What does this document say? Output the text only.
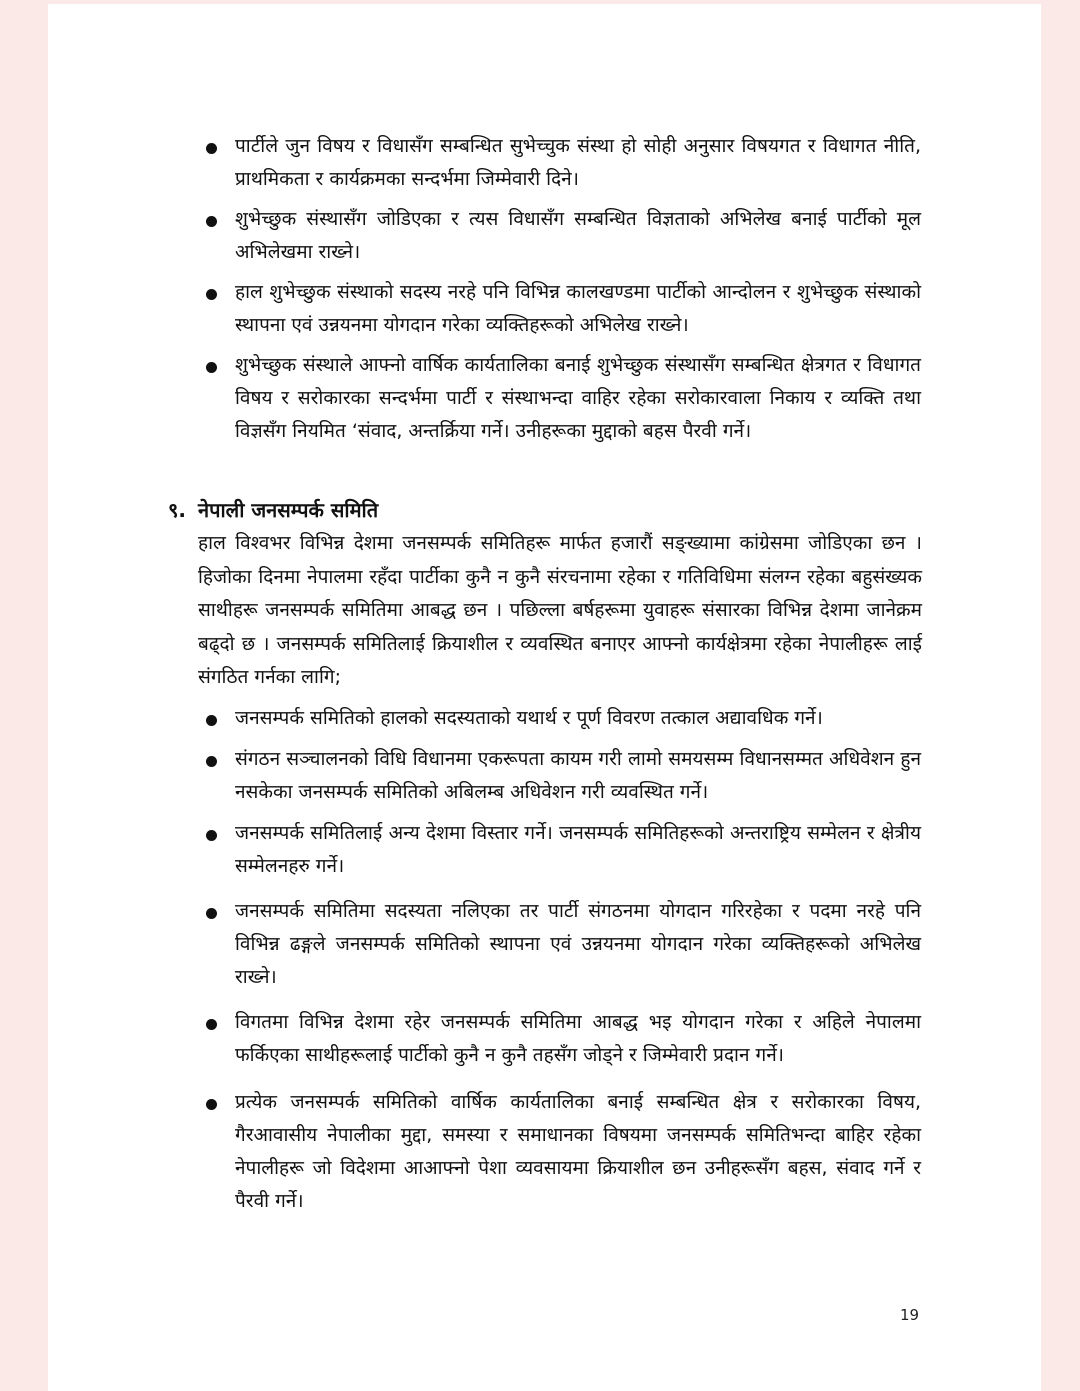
पार्टीले जुन विषय र विधासँग सम्बन्धित सुभेच्चुक संस्था हो सोही अनुसार विषयगत र विधागत नीति, प्राथमिकता र कार्यक्रमका सन्दर्भमा जिम्मेवारी दिने।
शुभेच्छुक संस्थासँग जोडिएका र त्यस विधासँग सम्बन्धित विज्ञताको अभिलेख बनाई पार्टीको मूल अभिलेखमा राख्ने।
हाल शुभेच्छुक संस्थाको सदस्य नरहे पनि विभिन्न कालखण्डमा पार्टीको आन्दोलन र शुभेच्छुक संस्थाको स्थापना एवं उन्नयनमा योगदान गरेका व्यक्तिहरूको अभिलेख राख्ने।
शुभेच्छुक संस्थाले आफ्नो वार्षिक कार्यतालिका बनाई शुभेच्छुक संस्थासँग सम्बन्धित क्षेत्रगत र विधागत विषय र सरोकारका सन्दर्भमा पार्टी र संस्थाभन्दा वाहिर रहेका सरोकारवाला निकाय र व्यक्ति तथा विज्ञसँग नियमित ‘संवाद, अन्तर्क्रिया गर्ने। उनीहरूका मुद्दाको बहस पैरवी गर्ने।
९. नेपाली जनसम्पर्क समिति
हाल विश्वभर विभिन्न देशमा जनसम्पर्क समितिहरू मार्फत हजारौं सङ्ख्यामा कांग्रेसमा जोडिएका छन । हिजोका दिनमा नेपालमा रहँदा पार्टीका कुनै न कुनै संरचनामा रहेका र गतिविधिमा संलग्न रहेका बहुसंख्यक साथीहरू जनसम्पर्क समितिमा आबद्ध छन । पछिल्ला बर्षहरूमा युवाहरू संसारका विभिन्न देशमा जानेक्रम बढ्दो छ । जनसम्पर्क समितिलाई क्रियाशील र व्यवस्थित बनाएर आफ्नो कार्यक्षेत्रमा रहेका नेपालीहरू लाई संगठित गर्नका लागि;
जनसम्पर्क समितिको हालको सदस्यताको यथार्थ र पूर्ण विवरण तत्काल अद्यावधिक गर्ने।
संगठन सञ्चालनको विधि विधानमा एकरूपता कायम गरी लामो समयसम्म विधानसम्मत अधिवेशन हुन नसकेका जनसम्पर्क समितिको अबिलम्ब अधिवेशन गरी व्यवस्थित गर्ने।
जनसम्पर्क समितिलाई अन्य देशमा विस्तार गर्ने। जनसम्पर्क समितिहरूको अन्तराष्ट्रिय सम्मेलन र क्षेत्रीय सम्मेलनहरु गर्ने।
जनसम्पर्क समितिमा सदस्यता नलिएका तर पार्टी संगठनमा योगदान गरिरहेका र पदमा नरहे पनि विभिन्न ढङ्गले जनसम्पर्क समितिको स्थापना एवं उन्नयनमा योगदान गरेका व्यक्तिहरूको अभिलेख राख्ने।
विगतमा विभिन्न देशमा रहेर जनसम्पर्क समितिमा आबद्ध भइ योगदान गरेका र अहिले नेपालमा फर्किएका साथीहरूलाई पार्टीको कुनै न कुनै तहसँग जोड्ने र जिम्मेवारी प्रदान गर्ने।
प्रत्येक जनसम्पर्क समितिको वार्षिक कार्यतालिका बनाई सम्बन्धित क्षेत्र र सरोकारका विषय, गैरआवासीय नेपालीका मुद्दा, समस्या र समाधानका विषयमा जनसम्पर्क समितिभन्दा बाहिर रहेका नेपालीहरू जो विदेशमा आआफ्नो पेशा व्यवसायमा क्रियाशील छन उनीहरूसँग बहस, संवाद गर्ने र पैरवी गर्ने।
19
